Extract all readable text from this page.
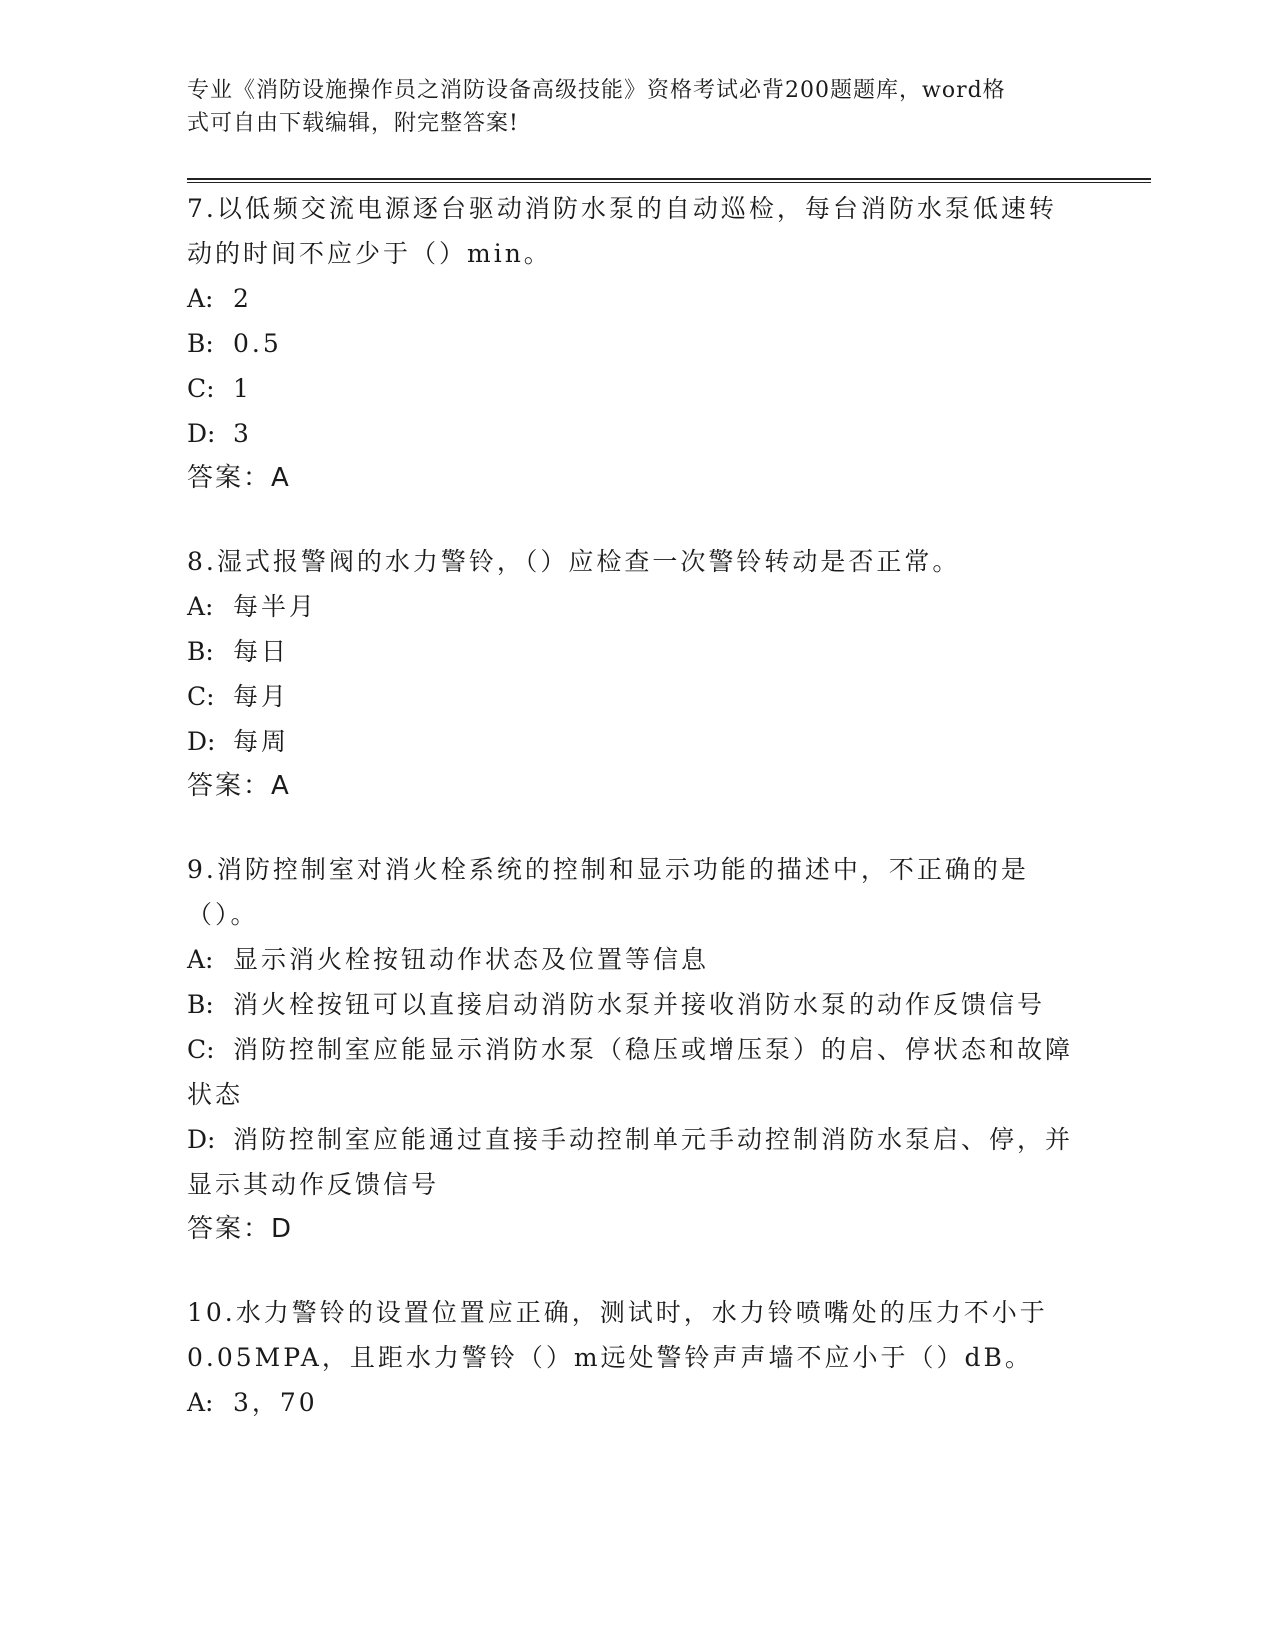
专业《消防设施操作员之消防设备高级技能》资格考试必背200题题库，word格
式可自由下载编辑，附完整答案!

7.以低频交流电源逐台驱动消防水泵的自动巡检，每台消防水泵低速转动的时间不应少于（）min。

A: 2
B: 0.5
C: 1
D: 3

答案：A

8.湿式报警阀的水力警铃，（）应检查一次警铃转动是否正常。

A: 每半月
B: 每日
C: 每月
D: 每周

答案：A

9.消防控制室对消火栓系统的控制和显示功能的描述中，不正确的是（）。

A: 显示消火栓按钮动作状态及位置等信息
B: 消火栓按钮可以直接启动消防水泵并接收消防水泵的动作反馈信号
C: 消防控制室应能显示消防水泵（稳压或增压泵）的启、停状态和故障状态
D: 消防控制室应能通过直接手动控制单元手动控制消防水泵启、停，并显示其动作反馈信号

答案：D

10.水力警铃的设置位置应正确，测试时，水力铃喷嘴处的压力不小于0.05MPA，且距水力警铃（）m远处警铃声声墙不应小于（）dB。

A: 3，70
